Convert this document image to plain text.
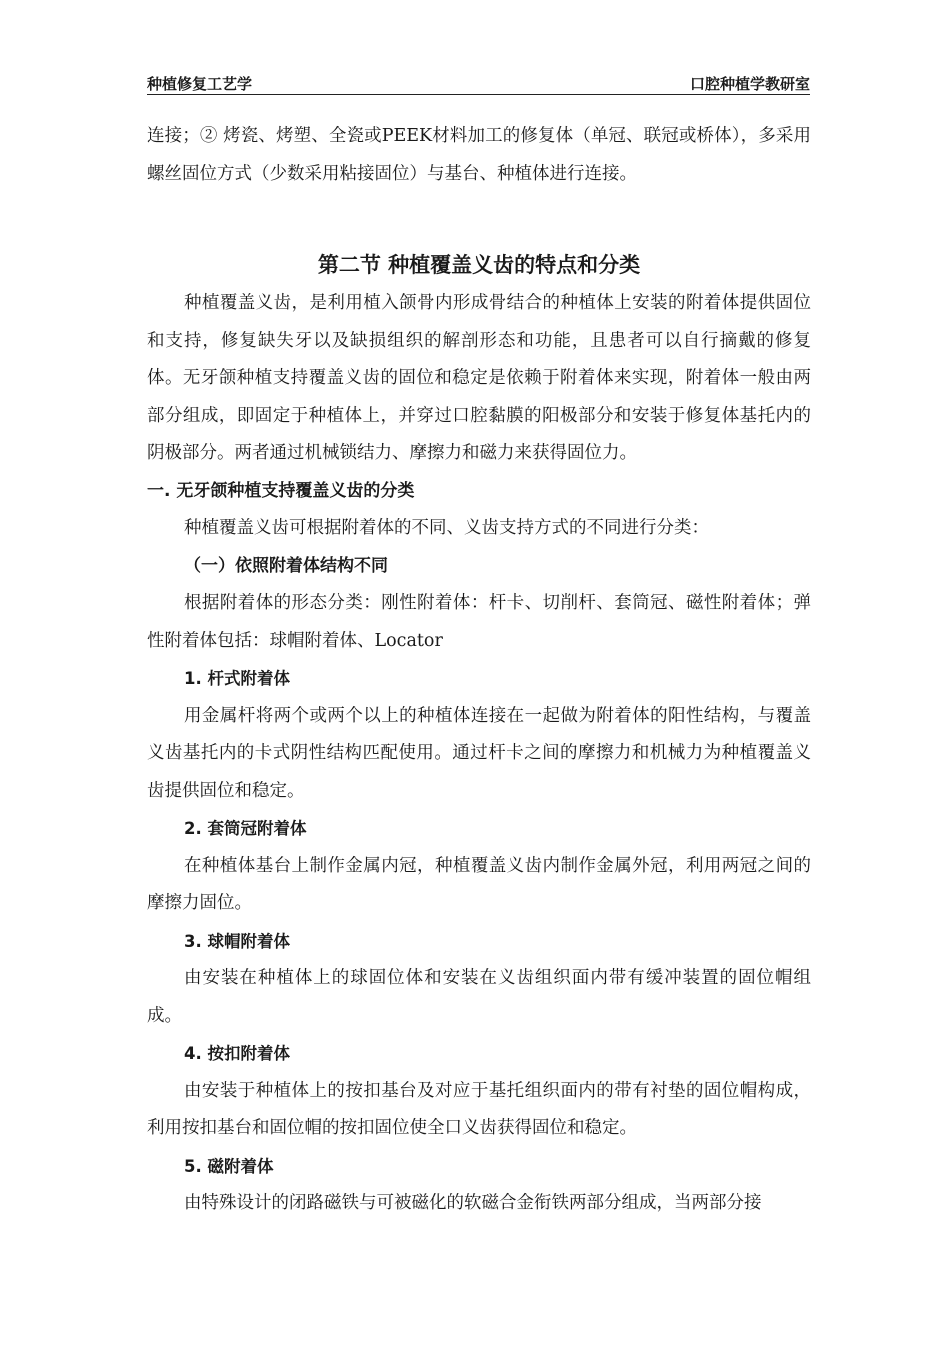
种植修复工艺学	口腔种植学教研室

连接；② 烤瓷、烤塑、全瓷或PEEK材料加工的修复体（单冠、联冠或桥体），多采用螺丝固位方式（少数采用粘接固位）与基台、种植体进行连接。

第二节 种植覆盖义齿的特点和分类

种植覆盖义齿，是利用植入颌骨内形成骨结合的种植体上安装的附着体提供固位和支持，修复缺失牙以及缺损组织的解剖形态和功能，且患者可以自行摘戴的修复体。无牙颌种植支持覆盖义齿的固位和稳定是依赖于附着体来实现，附着体一般由两部分组成，即固定于种植体上，并穿过口腔黏膜的阳极部分和安装于修复体基托内的阴极部分。两者通过机械锁结力、摩擦力和磁力来获得固位力。

一. 无牙颌种植支持覆盖义齿的分类

种植覆盖义齿可根据附着体的不同、义齿支持方式的不同进行分类：

（一）依照附着体结构不同

根据附着体的形态分类：刚性附着体：杆卡、切削杆、套筒冠、磁性附着体；弹性附着体包括：球帽附着体、Locator

1. 杆式附着体

用金属杆将两个或两个以上的种植体连接在一起做为附着体的阳性结构，与覆盖义齿基托内的卡式阴性结构匹配使用。通过杆卡之间的摩擦力和机械力为种植覆盖义齿提供固位和稳定。

2. 套筒冠附着体

在种植体基台上制作金属内冠，种植覆盖义齿内制作金属外冠，利用两冠之间的摩擦力固位。

3. 球帽附着体

由安装在种植体上的球固位体和安装在义齿组织面内带有缓冲装置的固位帽组成。

4. 按扣附着体

由安装于种植体上的按扣基台及对应于基托组织面内的带有衬垫的固位帽构成，利用按扣基台和固位帽的按扣固位使全口义齿获得固位和稳定。

5. 磁附着体

由特殊设计的闭路磁铁与可被磁化的软磁合金衔铁两部分组成，当两部分接
